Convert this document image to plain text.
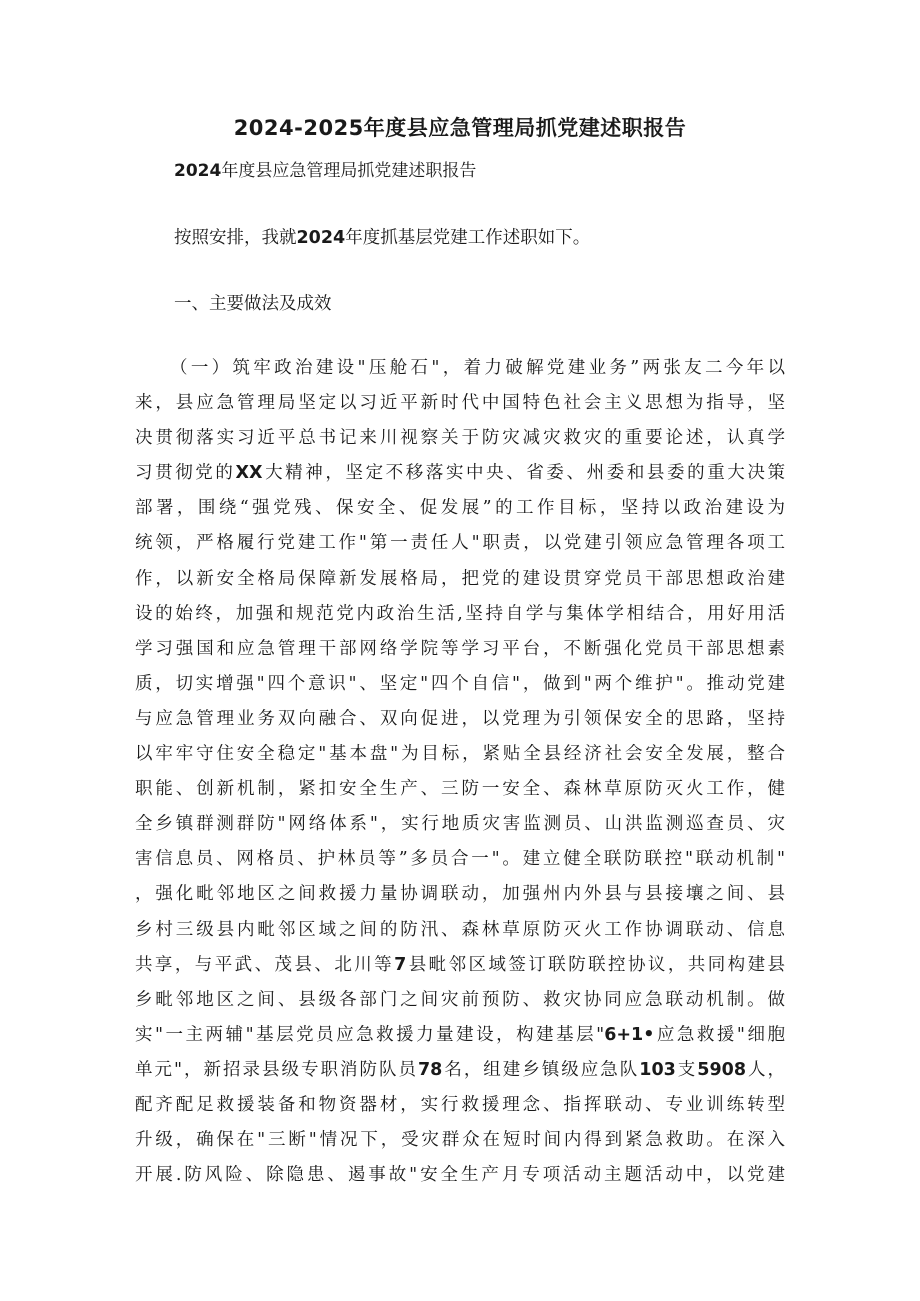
2024-2025年度县应急管理局抓党建述职报告

2024年度县应急管理局抓党建述职报告

按照安排，我就2024年度抓基层党建工作述职如下。

一、主要做法及成效

（一）筑牢政治建设"压舱石"，着力破解党建业务”两张友二今年以
来，县应急管理局坚定以习近平新时代中国特色社会主义思想为指导，坚
决贯彻落实习近平总书记来川视察关于防灾减灾救灾的重要论述，认真学
习贯彻党的XX大精神，坚定不移落实中央、省委、州委和县委的重大决策
部署，围绕“强党残、保安全、促发展”的工作目标，坚持以政治建设为
统领，严格履行党建工作"第一责任人"职责，以党建引领应急管理各项工
作，以新安全格局保障新发展格局，把党的建设贯穿党员干部思想政治建
设的始终，加强和规范党内政治生活,坚持自学与集体学相结合，用好用活
学习强国和应急管理干部网络学院等学习平台，不断强化党员干部思想素
质，切实增强"四个意识"、坚定"四个自信"，做到"两个维护"。推动党建
与应急管理业务双向融合、双向促进，以党理为引领保安全的思路，坚持
以牢牢守住安全稳定"基本盘"为目标，紧贴全县经济社会安全发展，整合
职能、创新机制，紧扣安全生产、三防一安全、森林草原防灭火工作，健
全乡镇群测群防"网络体系"，实行地质灾害监测员、山洪监测巡查员、灾
害信息员、网格员、护林员等”多员合一"。建立健全联防联控"联动机制"
，强化毗邻地区之间救援力量协调联动，加强州内外县与县接壤之间、县
乡村三级县内毗邻区域之间的防汛、森林草原防灭火工作协调联动、信息
共享，与平武、茂县、北川等7县毗邻区域签订联防联控协议，共同构建县
乡毗邻地区之间、县级各部门之间灾前预防、救灾协同应急联动机制。做
实"一主两辅"基层党员应急救援力量建设，构建基层"6+1•应急救援"细胞
单元"，新招录县级专职消防队员78名，组建乡镇级应急队103支5908人，
配齐配足救援装备和物资器材，实行救援理念、指挥联动、专业训练转型
升级，确保在"三断"情况下，受灾群众在短时间内得到紧急救助。在深入
开展.防风险、除隐患、遏事故"安全生产月专项活动主题活动中，以党建
